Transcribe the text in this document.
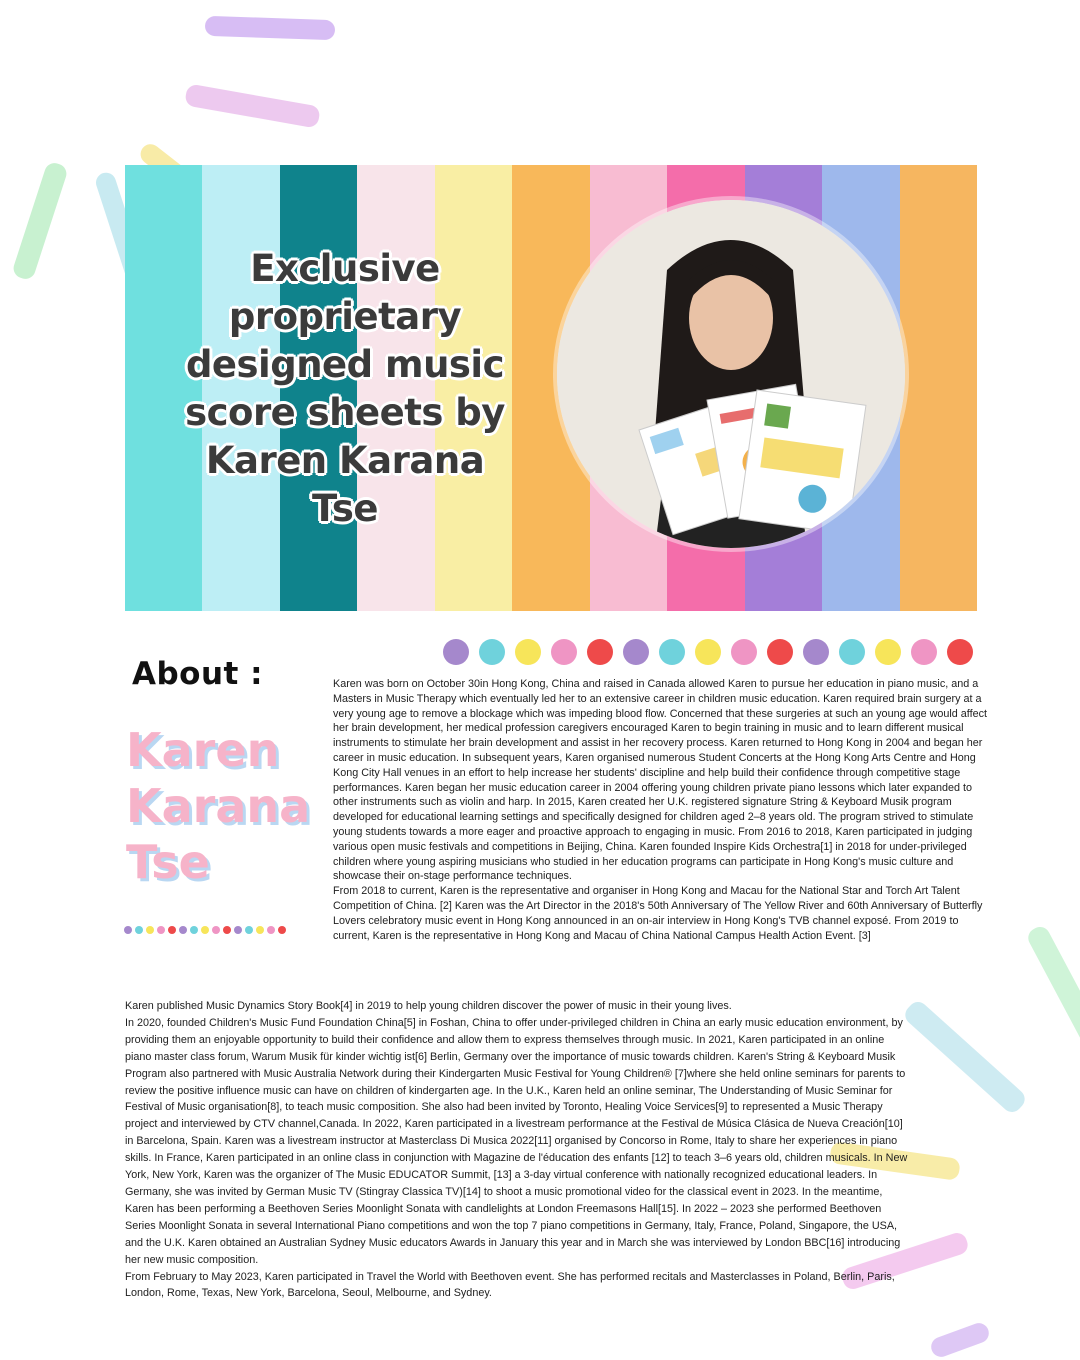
Exclusive proprietary designed music score sheets by Karen Karana Tse
About :
Karen
Karana
Tse

Karen was born on October 30in Hong Kong, China and raised in Canada allowed Karen to pursue her education in piano music, and a Masters in Music Therapy which eventually led her to an extensive career in children music education. Karen required brain surgery at a very young age to remove a blockage which was impeding blood flow. Concerned that these surgeries at such an young age would affect her brain development, her medical profession caregivers encouraged Karen to begin training in music and to learn different musical instruments to stimulate her brain development and assist in her recovery process. Karen returned to Hong Kong in 2004 and began her career in music education. In subsequent years, Karen organised numerous Student Concerts at the Hong Kong Arts Centre and Hong Kong City Hall venues in an effort to help increase her students' discipline and help build their confidence through competitive stage performances. Karen began her music education career in 2004 offering young children private piano lessons which later expanded to other instruments such as violin and harp. In 2015, Karen created her U.K. registered signature String & Keyboard Musik program developed for educational learning settings and specifically designed for children aged 2–8 years old. The program strived to stimulate young students towards a more eager and proactive approach to engaging in music. From 2016 to 2018, Karen participated in judging various open music festivals and competitions in Beijing, China. Karen founded Inspire Kids Orchestra[1] in 2018 for under-privileged children where young aspiring musicians who studied in her education programs can participate in Hong Kong's music culture and showcase their on-stage performance techniques.

From 2018 to current, Karen is the representative and organiser in Hong Kong and Macau for the National Star and Torch Art Talent Competition of China. [2] Karen was the Art Director in the 2018's 50th Anniversary of The Yellow River and 60th Anniversary of Butterfly Lovers celebratory music event in Hong Kong announced in an on-air interview in Hong Kong's TVB channel exposé. From 2019 to current, Karen is the representative in Hong Kong and Macau of China National Campus Health Action Event. [3]

Karen published Music Dynamics Story Book[4] in 2019 to help young children discover the power of music in their young lives.

In 2020, founded Children's Music Fund Foundation China[5] in Foshan, China to offer under-privileged children in China an early music education environment, by providing them an enjoyable opportunity to build their confidence and allow them to express themselves through music. In 2021, Karen participated in an online piano master class forum, Warum Musik für kinder wichtig ist[6] Berlin, Germany over the importance of music towards children. Karen's String & Keyboard Musik Program also partnered with Music Australia Network during their Kindergarten Music Festival for Young Children® [7]where she held online seminars for parents to review the positive influence music can have on children of kindergarten age. In the U.K., Karen held an online seminar, The Understanding of Music Seminar for Festival of Music organisation[8], to teach music composition. She also had been invited by Toronto, Healing Voice Services[9] to represented a Music Therapy project and interviewed by CTV channel,Canada. In 2022, Karen participated in a livestream performance at the Festival de Música Clásica de Nueva Creación[10] in Barcelona, Spain. Karen was a livestream instructor at Masterclass Di Musica 2022[11] organised by Concorso in Rome, Italy to share her experiences in piano skills. In France, Karen participated in an online class in conjunction with Magazine de l'éducation des enfants [12] to teach 3–6 years old, children musicals. In New York, New York, Karen was the organizer of The Music EDUCATOR Summit, [13] a 3-day virtual conference with nationally recognized educational leaders. In Germany, she was invited by German Music TV (Stingray Classica TV)[14] to shoot a music promotional video for the classical event in 2023. In the meantime, Karen has been performing a Beethoven Series Moonlight Sonata with candlelights at London Freemasons Hall[15]. In 2022 – 2023 she performed Beethoven Series Moonlight Sonata in several International Piano competitions and won the top 7 piano competitions in Germany, Italy, France, Poland, Singapore, the USA, and the U.K. Karen obtained an Australian Sydney Music educators Awards in January this year and in March she was interviewed by London BBC[16] introducing her new music composition.

From February to May 2023, Karen participated in Travel the World with Beethoven event. She has performed recitals and Masterclasses in Poland, Berlin, Paris, London, Rome, Texas, New York, Barcelona, Seoul, Melbourne, and Sydney.
